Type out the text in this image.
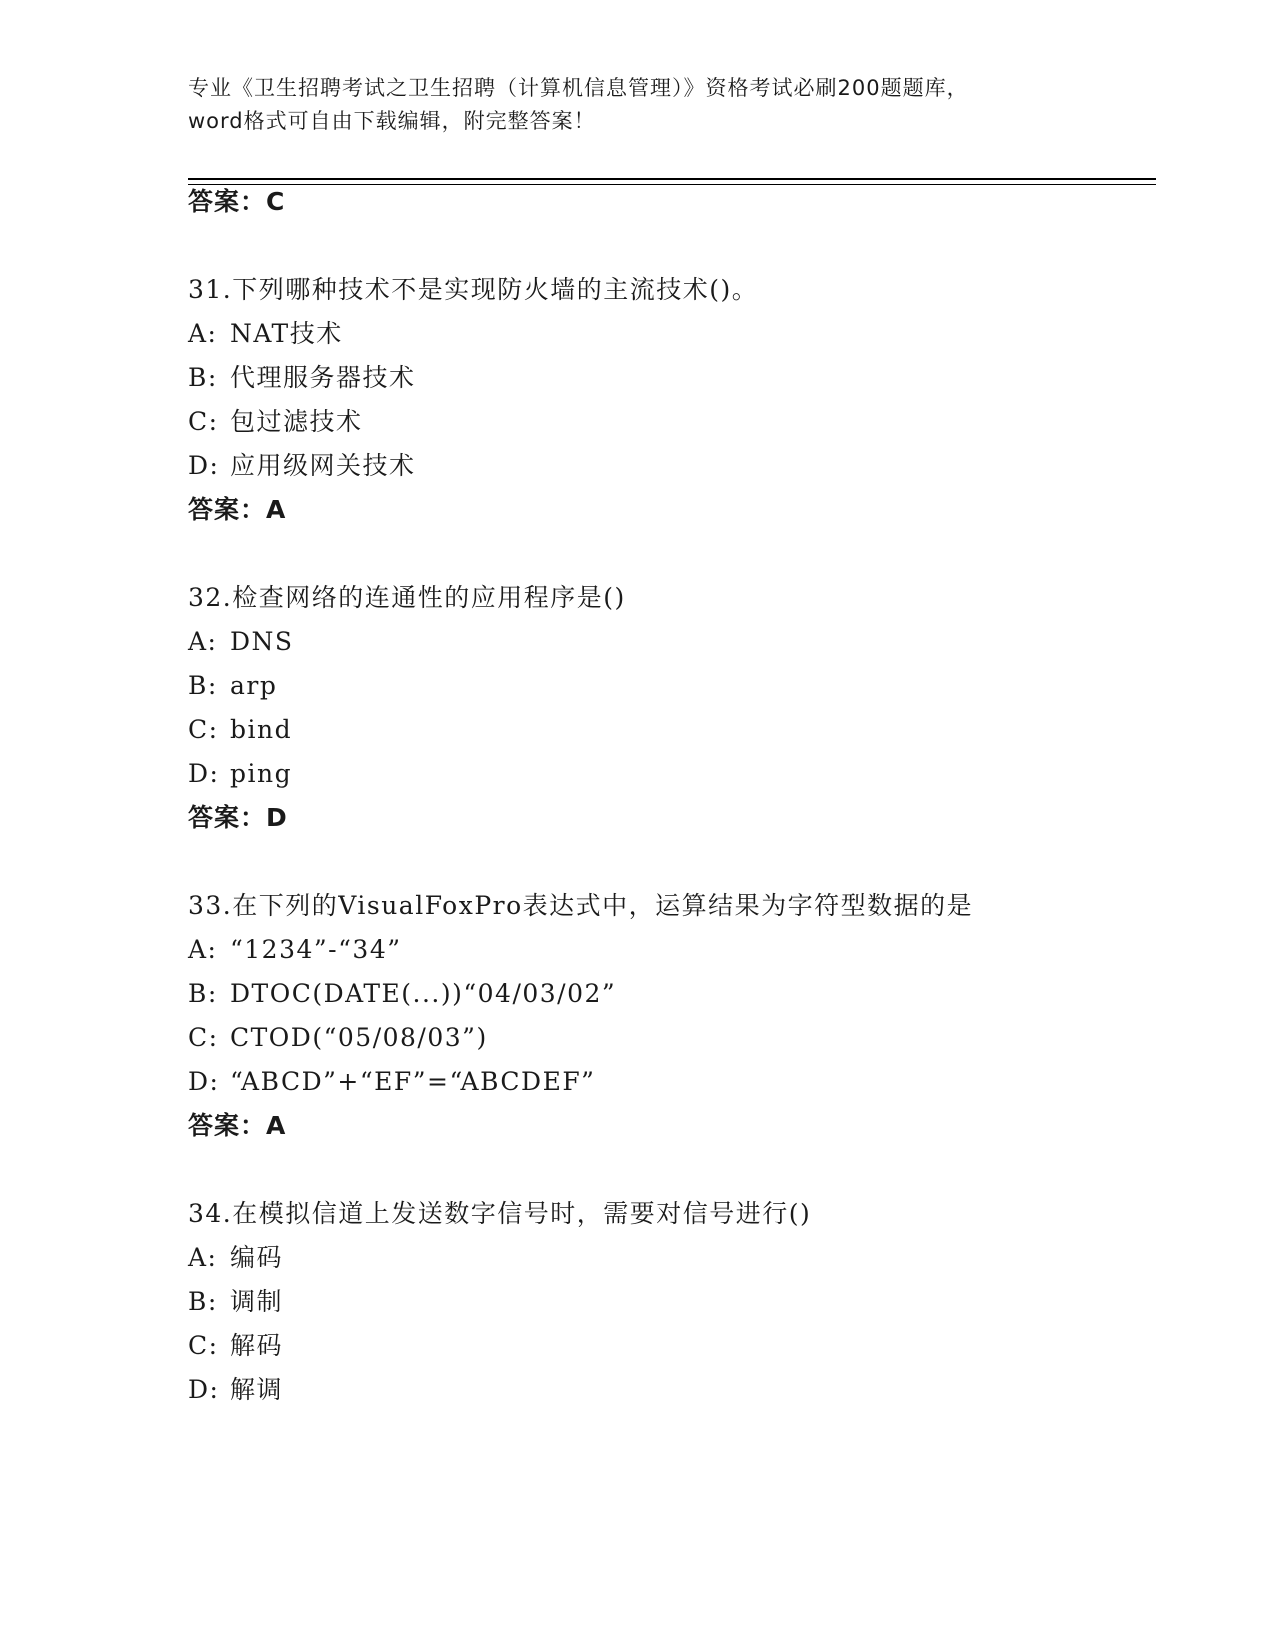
专业《卫生招聘考试之卫生招聘（计算机信息管理）》资格考试必刷200题题库，
word格式可自由下载编辑，附完整答案！
答案：C
31.下列哪种技术不是实现防火墙的主流技术()。
A: NAT技术
B: 代理服务器技术
C: 包过滤技术
D: 应用级网关技术
答案：A
32.检查网络的连通性的应用程序是()
A: DNS
B: arp
C: bind
D: ping
答案：D
33.在下列的VisualFoxPro表达式中，运算结果为字符型数据的是
A: “1234”-“34”
B: DTOC(DATE(...))“04/03/02”
C: CTOD(“05/08/03”)
D: “ABCD”+“EF”=“ABCDEF”
答案：A
34.在模拟信道上发送数字信号时，需要对信号进行()
A: 编码
B: 调制
C: 解码
D: 解调
